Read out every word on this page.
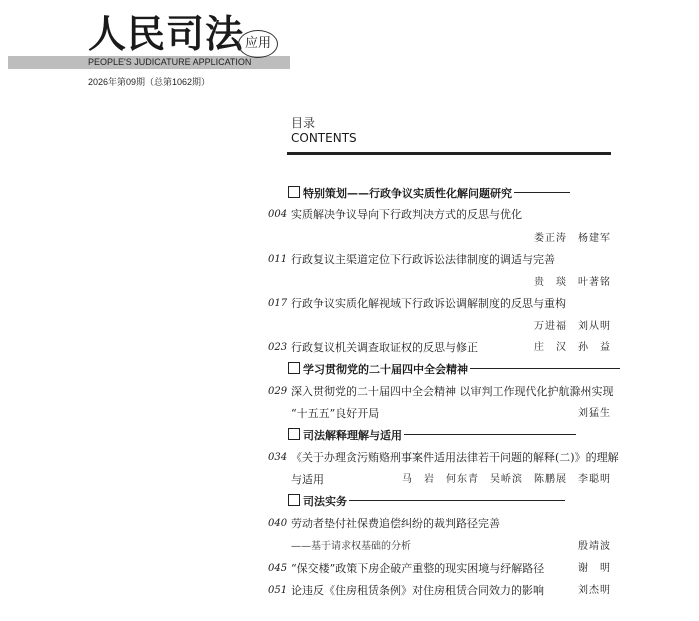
人民司法 应用
PEOPLE'S JUDICATURE APPLICATION
2026年第09期（总第1062期）
目录
CONTENTS
特别策划——行政争议实质性化解问题研究
004 实质解决争议导向下行政判决方式的反思与优化
娄正涛　杨建军
011 行政复议主渠道定位下行政诉讼法律制度的调适与完善
贵　琰　叶著铭
017 行政争议实质化解视域下行政诉讼调解制度的反思与重构
万进福　刘从明
023 行政复议机关调查取证权的反思与修正	庄　汉　孙　益
学习贯彻党的二十届四中全会精神
029 深入贯彻党的二十届四中全会精神 以审判工作现代化护航滁州实现
“十五五”良好开局	刘猛生
司法解释理解与适用
034 《关于办理贪污贿赂刑事案件适用法律若干问题的解释(二)》的理解
与适用	马　岩　何东青　吴峤滨　陈鹏展　李聪明
司法实务
040 劳动者垫付社保费追偿纠纷的裁判路径完善
——基于请求权基础的分析	殷靖波
045 “保交楼”政策下房企破产重整的现实困境与纾解路径	谢　明
051 论违反《住房租赁条例》对住房租赁合同效力的影响	刘杰明
